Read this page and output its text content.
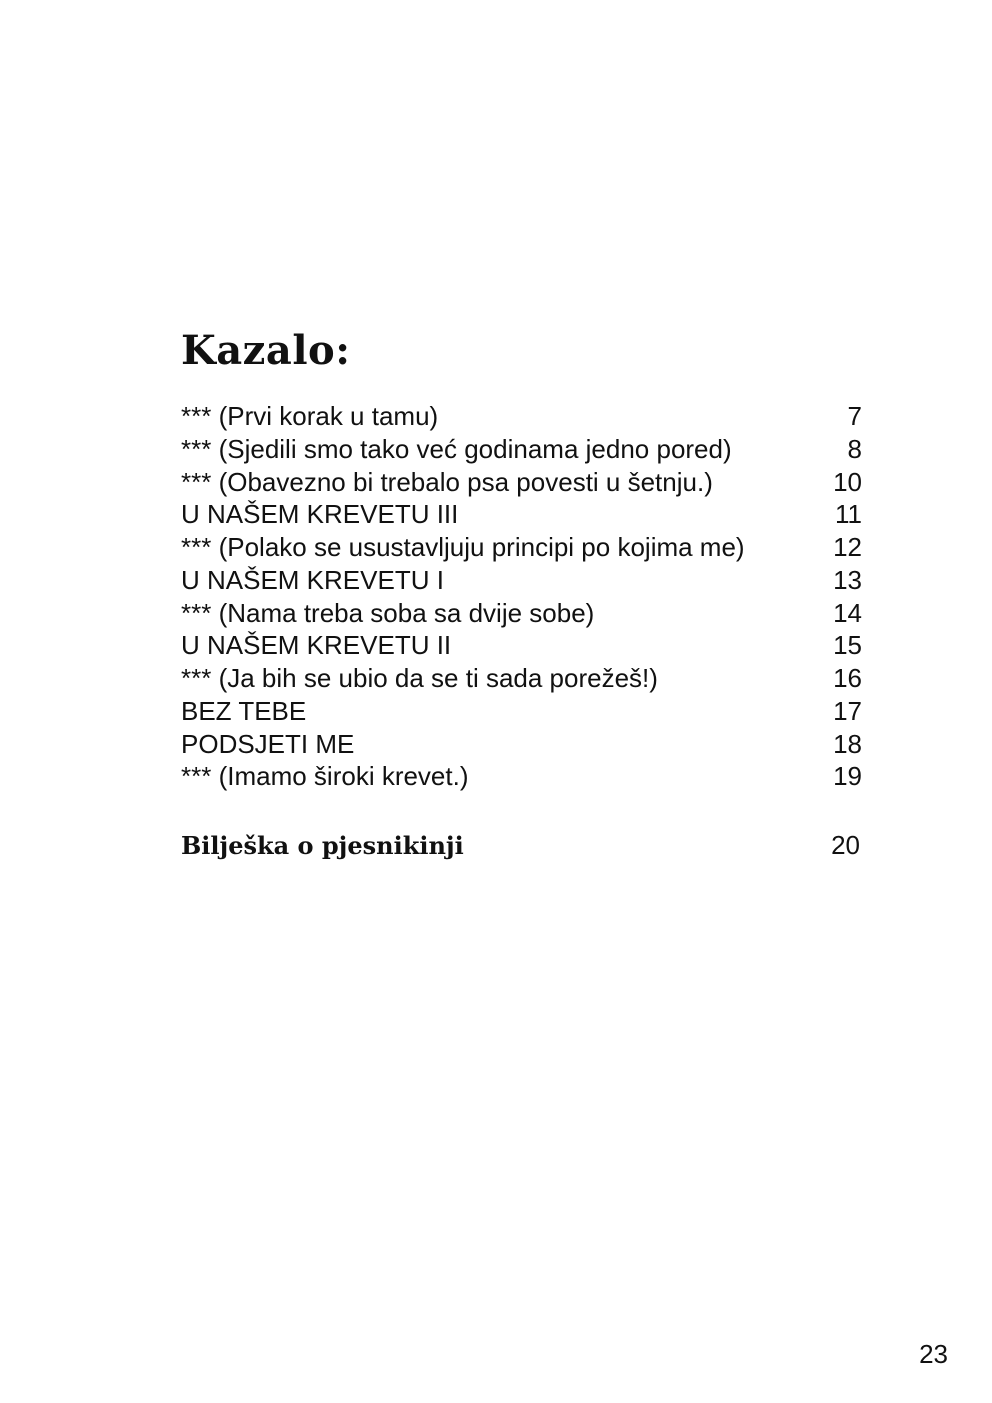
Kazalo:
*** (Prvi korak u tamu)	7
*** (Sjedili smo tako već godinama jedno pored)	8
*** (Obavezno bi trebalo psa povesti u šetnju.)	10
U NAŠEM KREVETU III	11
*** (Polako se usustavljuju principi po kojima me)	12
U NAŠEM KREVETU I	13
*** (Nama treba soba sa dvije sobe)	14
U NAŠEM KREVETU II	15
*** (Ja bih se ubio da se ti sada porežeš!)	16
BEZ TEBE	17
PODSJETI ME	18
*** (Imamo široki krevet.)	19
Bilješka o pjesnikinji	20
23
